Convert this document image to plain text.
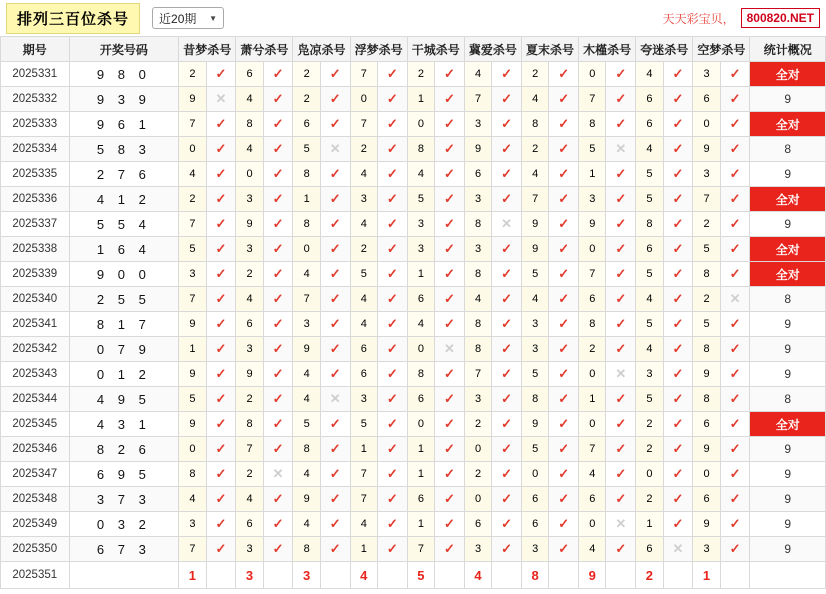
排列三百位杀号	近20期 ▼	天天彩宝贝，	800820.NET
期号	开奖号码	昔梦杀号		萧兮杀号		凫凉杀号		浮梦杀号		干城杀号		冀爱杀号		夏末杀号		木槿杀号		夸迷杀号		空梦杀号		统计概况
2025331	9 8 0	2	✓	6	✓	2	✓	7	✓	2	✓	4	✓	2	✓	0	✓	4	✓	3	✓	全对
2025332	9 3 9	9	✕	4	✓	2	✓	0	✓	1	✓	7	✓	4	✓	7	✓	6	✓	6	✓	9
2025333	9 6 1	7	✓	8	✓	6	✓	7	✓	0	✓	3	✓	8	✓	8	✓	6	✓	0	✓	全对
2025334	5 8 3	0	✓	4	✓	5	✕	2	✓	8	✓	9	✓	2	✓	5	✕	4	✓	9	✓	8
2025335	2 7 6	4	✓	0	✓	8	✓	4	✓	4	✓	6	✓	4	✓	1	✓	5	✓	3	✓	9
2025336	4 1 2	2	✓	3	✓	1	✓	3	✓	5	✓	3	✓	7	✓	3	✓	5	✓	7	✓	全对
2025337	5 5 4	7	✓	9	✓	8	✓	4	✓	3	✓	8	✕	9	✓	9	✓	8	✓	2	✓	9
2025338	1 6 4	5	✓	3	✓	0	✓	2	✓	3	✓	3	✓	9	✓	0	✓	6	✓	5	✓	全对
2025339	9 0 0	3	✓	2	✓	4	✓	5	✓	1	✓	8	✓	5	✓	7	✓	5	✓	8	✓	全对
2025340	2 5 5	7	✓	4	✓	7	✓	4	✓	6	✓	4	✓	4	✓	6	✓	4	✓	2	✕	8
2025341	8 1 7	9	✓	6	✓	3	✓	4	✓	4	✓	8	✓	3	✓	8	✓	5	✓	5	✓	9
2025342	0 7 9	1	✓	3	✓	9	✓	6	✓	0	✕	8	✓	3	✓	2	✓	4	✓	8	✓	9
2025343	0 1 2	9	✓	9	✓	4	✓	6	✓	8	✓	7	✓	5	✓	0	✕	3	✓	9	✓	9
2025344	4 9 5	5	✓	2	✓	4	✕	3	✓	6	✓	3	✓	8	✓	1	✓	5	✓	8	✓	8
2025345	4 3 1	9	✓	8	✓	5	✓	5	✓	0	✓	2	✓	9	✓	0	✓	2	✓	6	✓	全对
2025346	8 2 6	0	✓	7	✓	8	✓	1	✓	1	✓	0	✓	5	✓	7	✓	2	✓	9	✓	9
2025347	6 9 5	8	✓	2	✕	4	✓	7	✓	1	✓	2	✓	0	✓	4	✓	0	✓	0	✓	9
2025348	3 7 3	4	✓	4	✓	9	✓	7	✓	6	✓	0	✓	6	✓	6	✓	2	✓	6	✓	9
2025349	0 3 2	3	✓	6	✓	4	✓	4	✓	1	✓	6	✓	6	✓	0	✕	1	✓	9	✓	9
2025350	6 7 3	7	✓	3	✓	8	✓	1	✓	7	✓	3	✓	3	✓	4	✓	6	✕	3	✓	9
2025351	当前期杀号	1		3		3		4		5		4		8		9		2		1		
